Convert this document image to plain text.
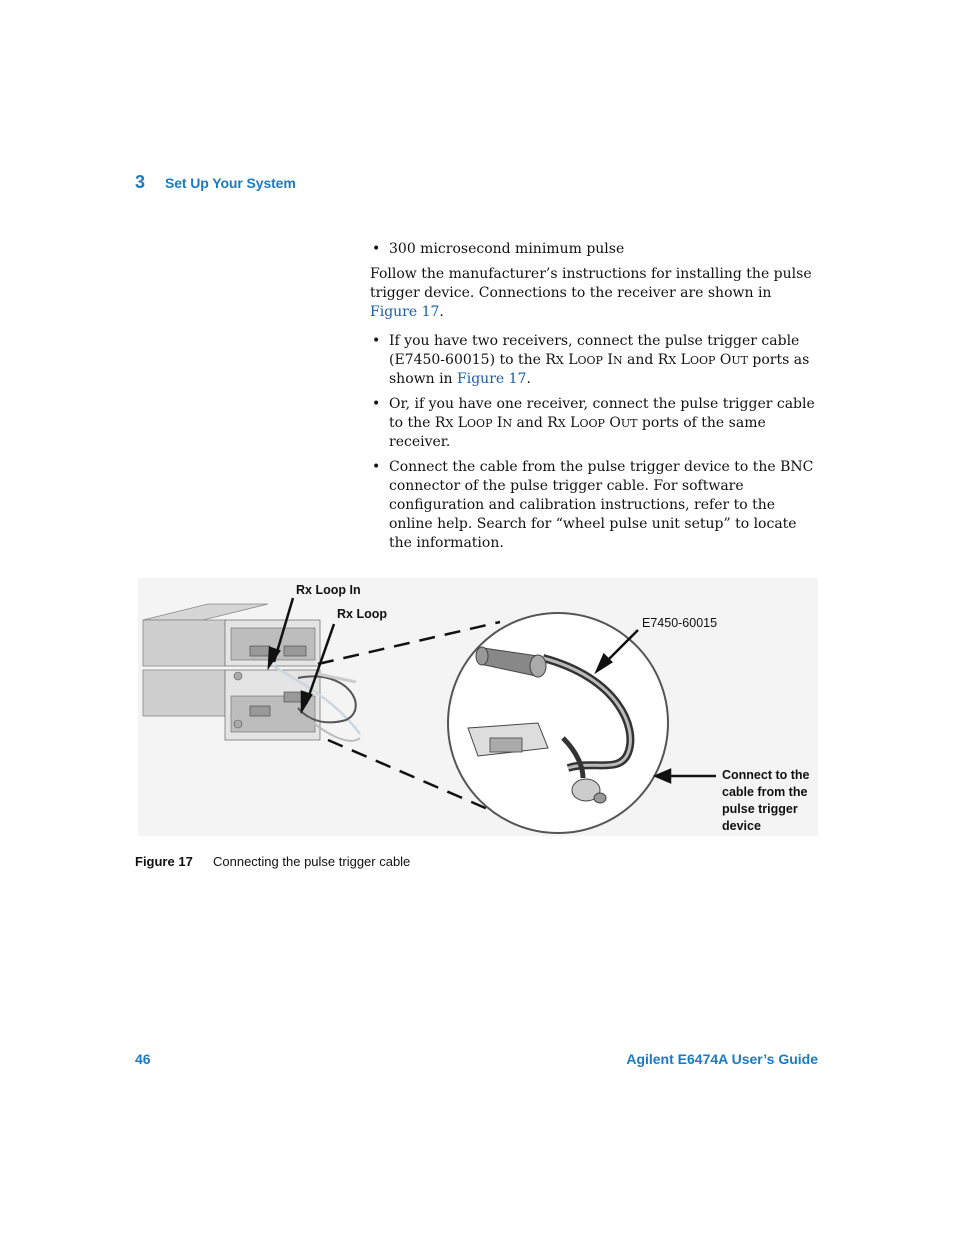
3 Set Up Your System
• 300 microsecond minimum pulse

Follow the manufacturer’s instructions for installing the pulse trigger device. Connections to the receiver are shown in Figure 17.

• If you have two receivers, connect the pulse trigger cable (E7450-60015) to the RX LOOP IN and RX LOOP OUT ports as shown in Figure 17.
• Or, if you have one receiver, connect the pulse trigger cable to the RX LOOP IN and RX LOOP OUT ports of the same receiver.
• Connect the cable from the pulse trigger device to the BNC connector of the pulse trigger cable. For software configuration and calibration instructions, refer to the online help. Search for “wheel pulse unit setup” to locate the information.
Rx Loop In
Rx Loop
E7450-60015
Connect to the
cable from the
pulse trigger
device
Figure 17 Connecting the pulse trigger cable
46	Agilent E6474A User’s Guide
